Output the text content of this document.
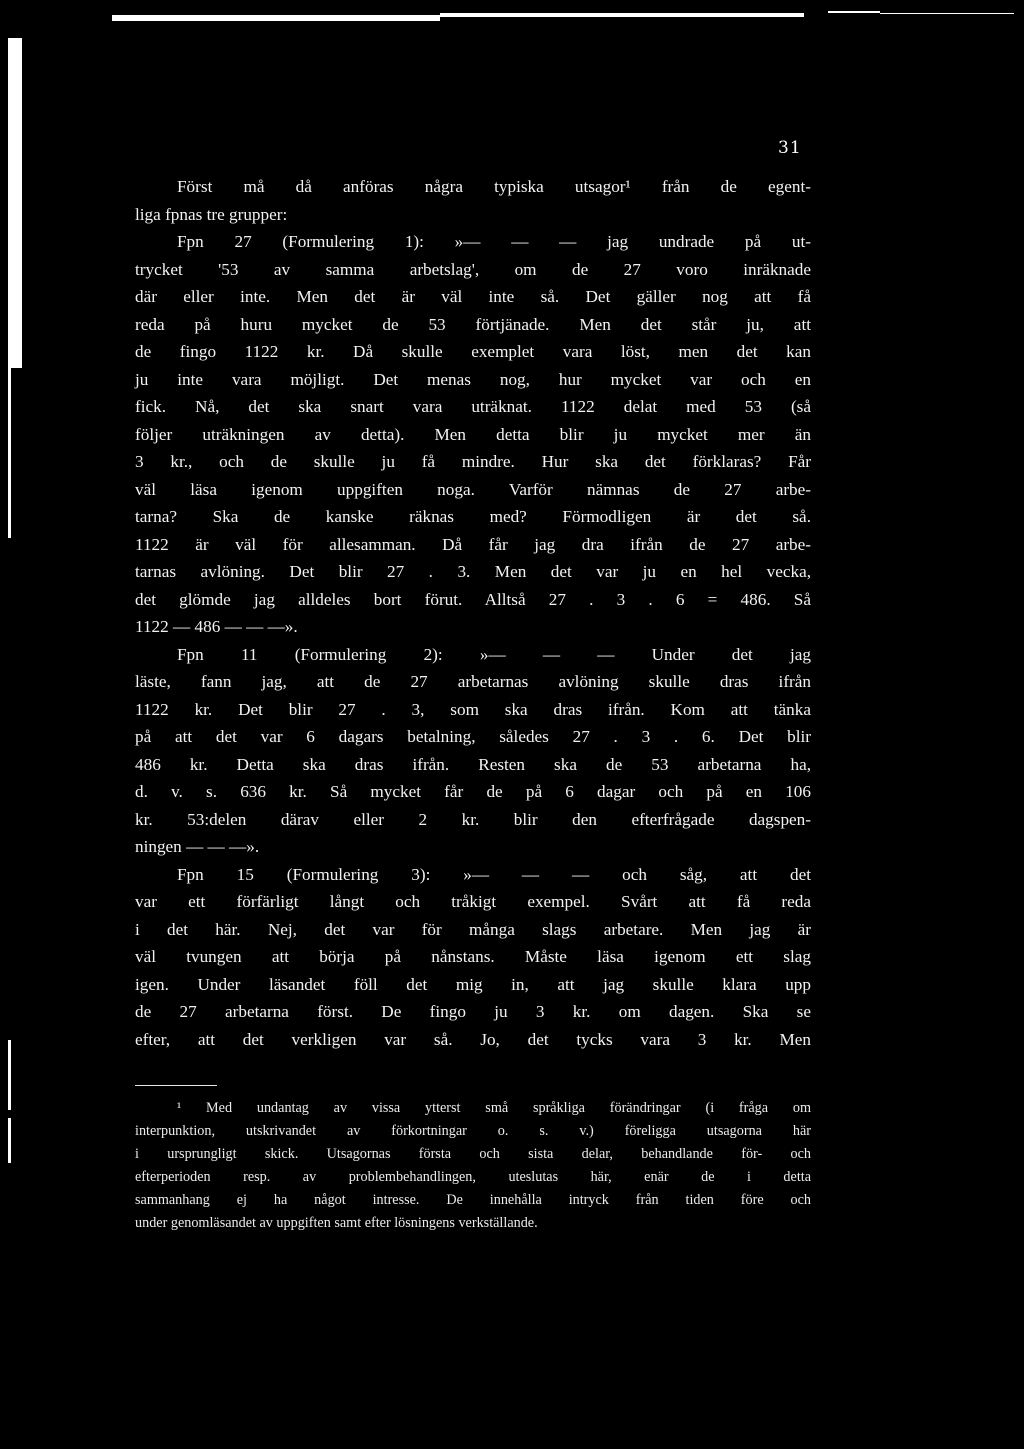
31
Först må då anföras några typiska utsagor¹ från de egent-
liga fpnas tre grupper:
Fpn 27 (Formulering 1): »— — — jag undrade på ut-
trycket '53 av samma arbetslag', om de 27 voro inräknade
där eller inte. Men det är väl inte så. Det gäller nog att få
reda på huru mycket de 53 förtjänade. Men det står ju, att
de fingo 1122 kr. Då skulle exemplet vara löst, men det kan
ju inte vara möjligt. Det menas nog, hur mycket var och en
fick. Nå, det ska snart vara uträknat. 1122 delat med 53 (så
följer uträkningen av detta). Men detta blir ju mycket mer än
3 kr., och de skulle ju få mindre. Hur ska det förklaras? Får
väl läsa igenom uppgiften noga. Varför nämnas de 27 arbe-
tarna? Ska de kanske räknas med? Förmodligen är det så.
1122 är väl för allesamman. Då får jag dra ifrån de 27 arbe-
tarnas avlöning. Det blir 27 . 3. Men det var ju en hel vecka,
det glömde jag alldeles bort förut. Alltså 27 . 3 . 6 = 486. Så
1122 — 486 — — —».
Fpn 11 (Formulering 2): »— — — Under det jag
läste, fann jag, att de 27 arbetarnas avlöning skulle dras ifrån
1122 kr. Det blir 27 . 3, som ska dras ifrån. Kom att tänka
på att det var 6 dagars betalning, således 27 . 3 . 6. Det blir
486 kr. Detta ska dras ifrån. Resten ska de 53 arbetarna ha,
d. v. s. 636 kr. Så mycket får de på 6 dagar och på en 106
kr. 53:delen därav eller 2 kr. blir den efterfrågade dagspen-
ningen — — —».
Fpn 15 (Formulering 3): »— — — och såg, att det
var ett förfärligt långt och tråkigt exempel. Svårt att få reda
i det här. Nej, det var för många slags arbetare. Men jag är
väl tvungen att börja på nånstans. Måste läsa igenom ett slag
igen. Under läsandet föll det mig in, att jag skulle klara upp
de 27 arbetarna först. De fingo ju 3 kr. om dagen. Ska se
efter, att det verkligen var så. Jo, det tycks vara 3 kr. Men
¹ Med undantag av vissa ytterst små språkliga förändringar (i fråga om
interpunktion, utskrivandet av förkortningar o. s. v.) föreligga utsagorna här
i ursprungligt skick. Utsagornas första och sista delar, behandlande för- och
efterperioden resp. av problembehandlingen, uteslutas här, enär de i detta
sammanhang ej ha något intresse. De innehålla intryck från tiden före och
under genomläsandet av uppgiften samt efter lösningens verkställande.
